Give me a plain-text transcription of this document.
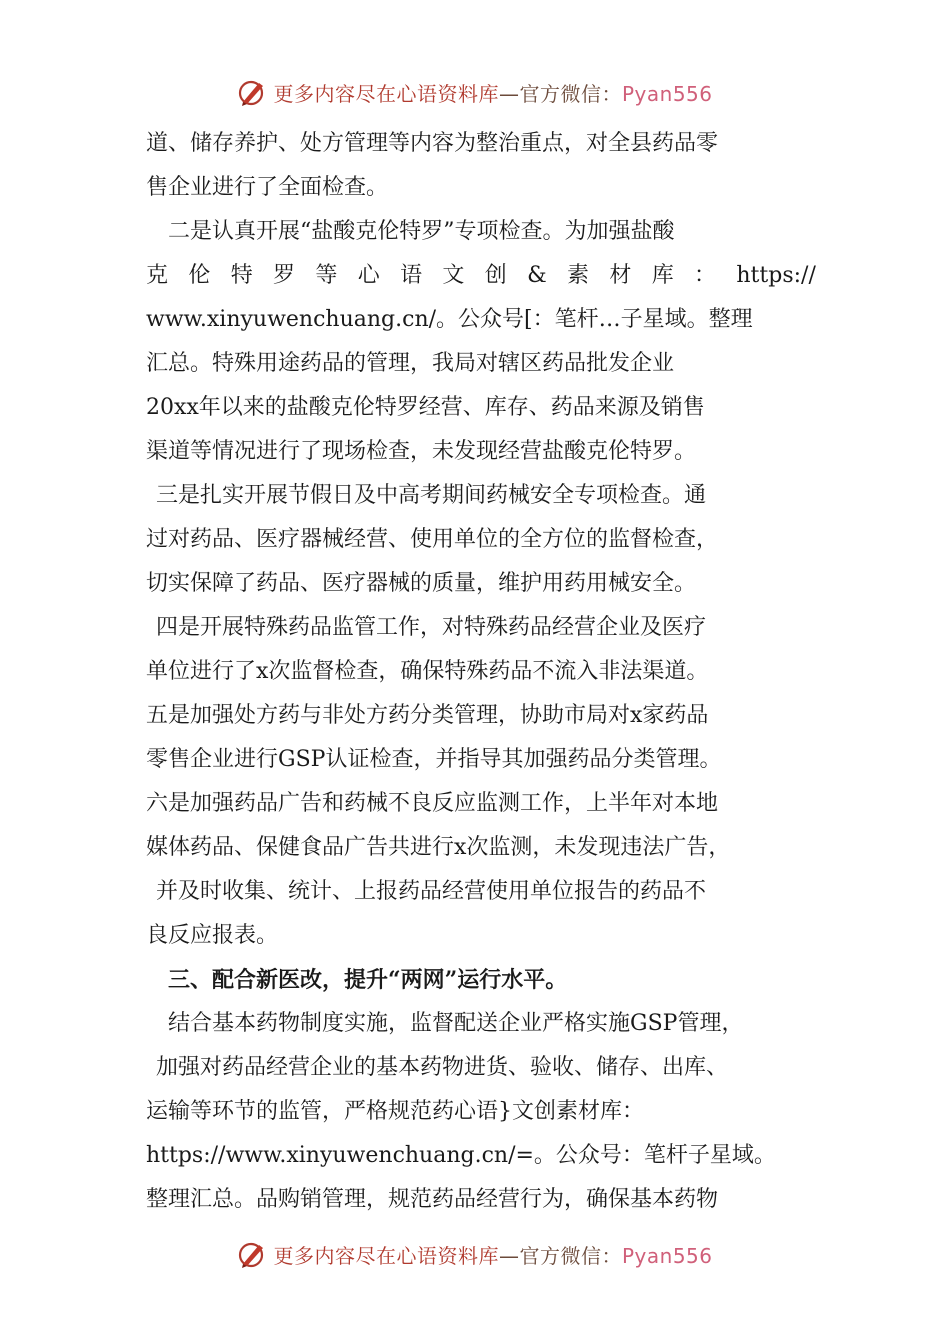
更多内容尽在心语资料库—官方微信：Pyan556
道、储存养护、处方管理等内容为整治重点，对全县药品零
售企业进行了全面检查。
二是认真开展“盐酸克伦特罗”专项检查。为加强盐酸
克 伦 特 罗 等 心 语 文 创 & 素 材 库 ： https://
www.xinyuwenchuang.cn/。公众号[：笔杆…子星域。整理
汇总。特殊用途药品的管理，我局对辖区药品批发企业
20xx年以来的盐酸克伦特罗经营、库存、药品来源及销售
渠道等情况进行了现场检查，未发现经营盐酸克伦特罗。
三是扎实开展节假日及中高考期间药械安全专项检查。通
过对药品、医疗器械经营、使用单位的全方位的监督检查，
切实保障了药品、医疗器械的质量，维护用药用械安全。
四是开展特殊药品监管工作，对特殊药品经营企业及医疗
单位进行了x次监督检查，确保特殊药品不流入非法渠道。
五是加强处方药与非处方药分类管理，协助市局对x家药品
零售企业进行GSP认证检查，并指导其加强药品分类管理。
六是加强药品广告和药械不良反应监测工作，上半年对本地
媒体药品、保健食品广告共进行x次监测，未发现违法广告，
并及时收集、统计、上报药品经营使用单位报告的药品不
良反应报表。
三、配合新医改，提升“两网”运行水平。
结合基本药物制度实施，监督配送企业严格实施GSP管理，
加强对药品经营企业的基本药物进货、验收、储存、出库、
运输等环节的监管，严格规范药心语}文创素材库：
https://www.xinyuwenchuang.cn/=。公众号：笔杆子星域。
整理汇总。品购销管理，规范药品经营行为，确保基本药物
更多内容尽在心语资料库—官方微信：Pyan556
